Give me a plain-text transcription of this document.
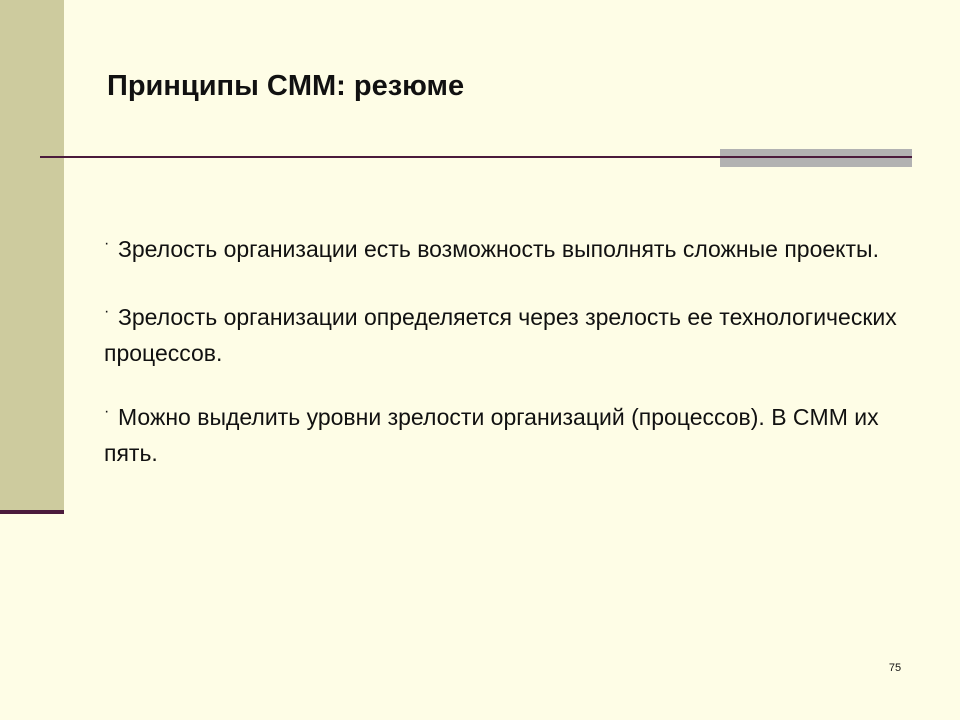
Принципы CMM: резюме
· Зрелость организации есть возможность выполнять сложные проекты.
· Зрелость организации определяется через зрелость ее технологических процессов.
· Можно выделить уровни зрелости организаций (процессов). В CMM их пять.
75
